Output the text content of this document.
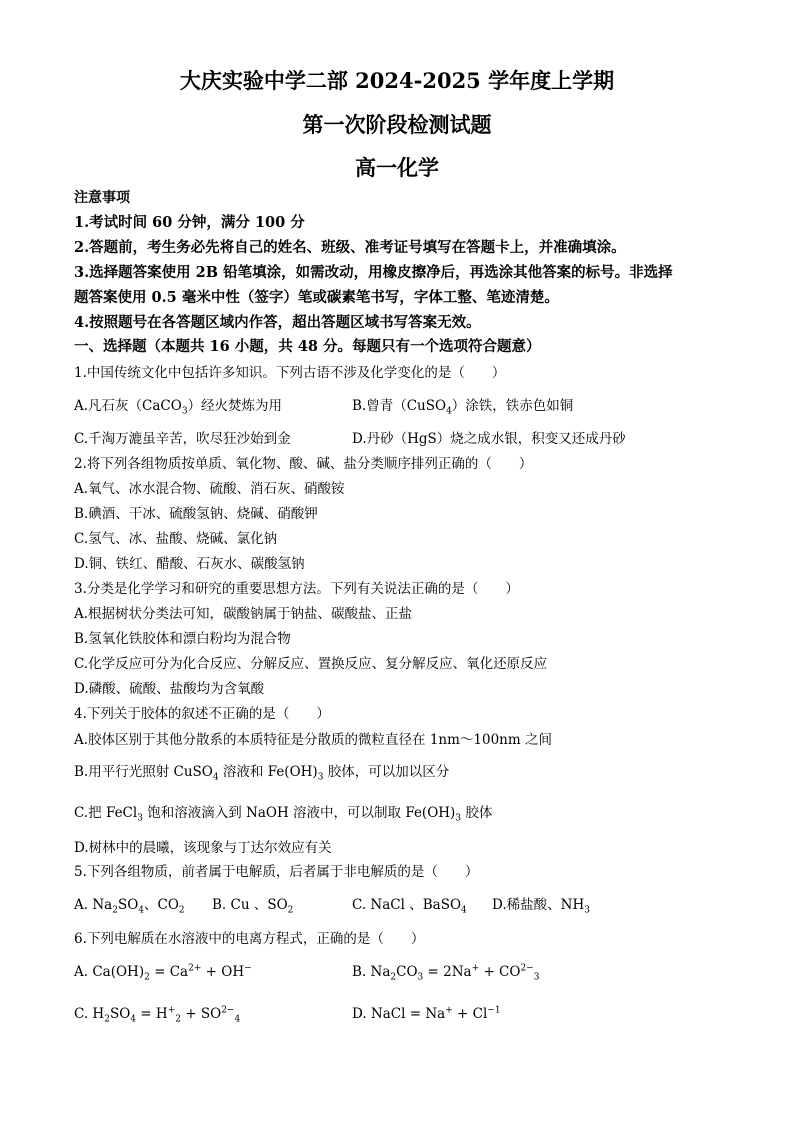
大庆实验中学二部 2024-2025 学年度上学期
第一次阶段检测试题
高一化学
注意事项
1.考试时间 60 分钟，满分 100 分
2.答题前，考生务必先将自己的姓名、班级、准考证号填写在答题卡上，并准确填涂。
3.选择题答案使用 2B 铅笔填涂，如需改动，用橡皮擦净后，再选涂其他答案的标号。非选择
题答案使用 0.5 毫米中性（签字）笔或碳素笔书写，字体工整、笔迹清楚。
4.按照题号在各答题区域内作答，超出答题区域书写答案无效。
一、选择题（本题共 16 小题，共 48 分。每题只有一个选项符合题意）
1.中国传统文化中包括许多知识。下列古语不涉及化学变化的是（　　）
A.凡石灰（CaCO$_3$）经火焚炼为用	B.曾青（CuSO$_4$）涂铁，铁赤色如铜
C.千淘万漉虽辛苦，吹尽狂沙始到金	D.丹砂（HgS）烧之成水银，积变又还成丹砂
2.将下列各组物质按单质、氧化物、酸、碱、盐分类顺序排列正确的（　　）
A.氧气、冰水混合物、硫酸、消石灰、硝酸铵
B.碘酒、干冰、硫酸氢钠、烧碱、硝酸钾
C.氢气、冰、盐酸、烧碱、氯化钠
D.铜、铁红、醋酸、石灰水、碳酸氢钠
3.分类是化学学习和研究的重要思想方法。下列有关说法正确的是（　　）
A.根据树状分类法可知，碳酸钠属于钠盐、碳酸盐、正盐
B.氢氧化铁胶体和漂白粉均为混合物
C.化学反应可分为化合反应、分解反应、置换反应、复分解反应、氧化还原反应
D.磷酸、硫酸、盐酸均为含氧酸
4.下列关于胶体的叙述不正确的是（　　）
A.胶体区别于其他分散系的本质特征是分散质的微粒直径在 1nm～100nm 之间
B.用平行光照射 CuSO$_4$ 溶液和 $Fe(OH)_3$ 胶体，可以加以区分
C.把 FeCl$_3$ 饱和溶液滴入到 NaOH 溶液中，可以制取 $Fe(OH)_3$ 胶体
D.树林中的晨曦，该现象与丁达尔效应有关
5.下列各组物质，前者属于电解质，后者属于非电解质的是（　　）
A. $Na_2SO_4$、$CO_2$ B. Cu 、$SO_2$	C. NaCl 、BaSO$_4$ D.稀盐酸、$NH_3$
6.下列电解质在水溶液中的电离方程式，正确的是（　　）
A. $Ca(OH)_2 = Ca^{2+} + OH^-$	B. $Na_2CO_3 = 2Na^+ + CO^{2-}_3$
C. $H_2SO_4 = H^+_2 + SO^{2-}_4$	D. NaCl = $Na^+ + Cl^{-1}$
